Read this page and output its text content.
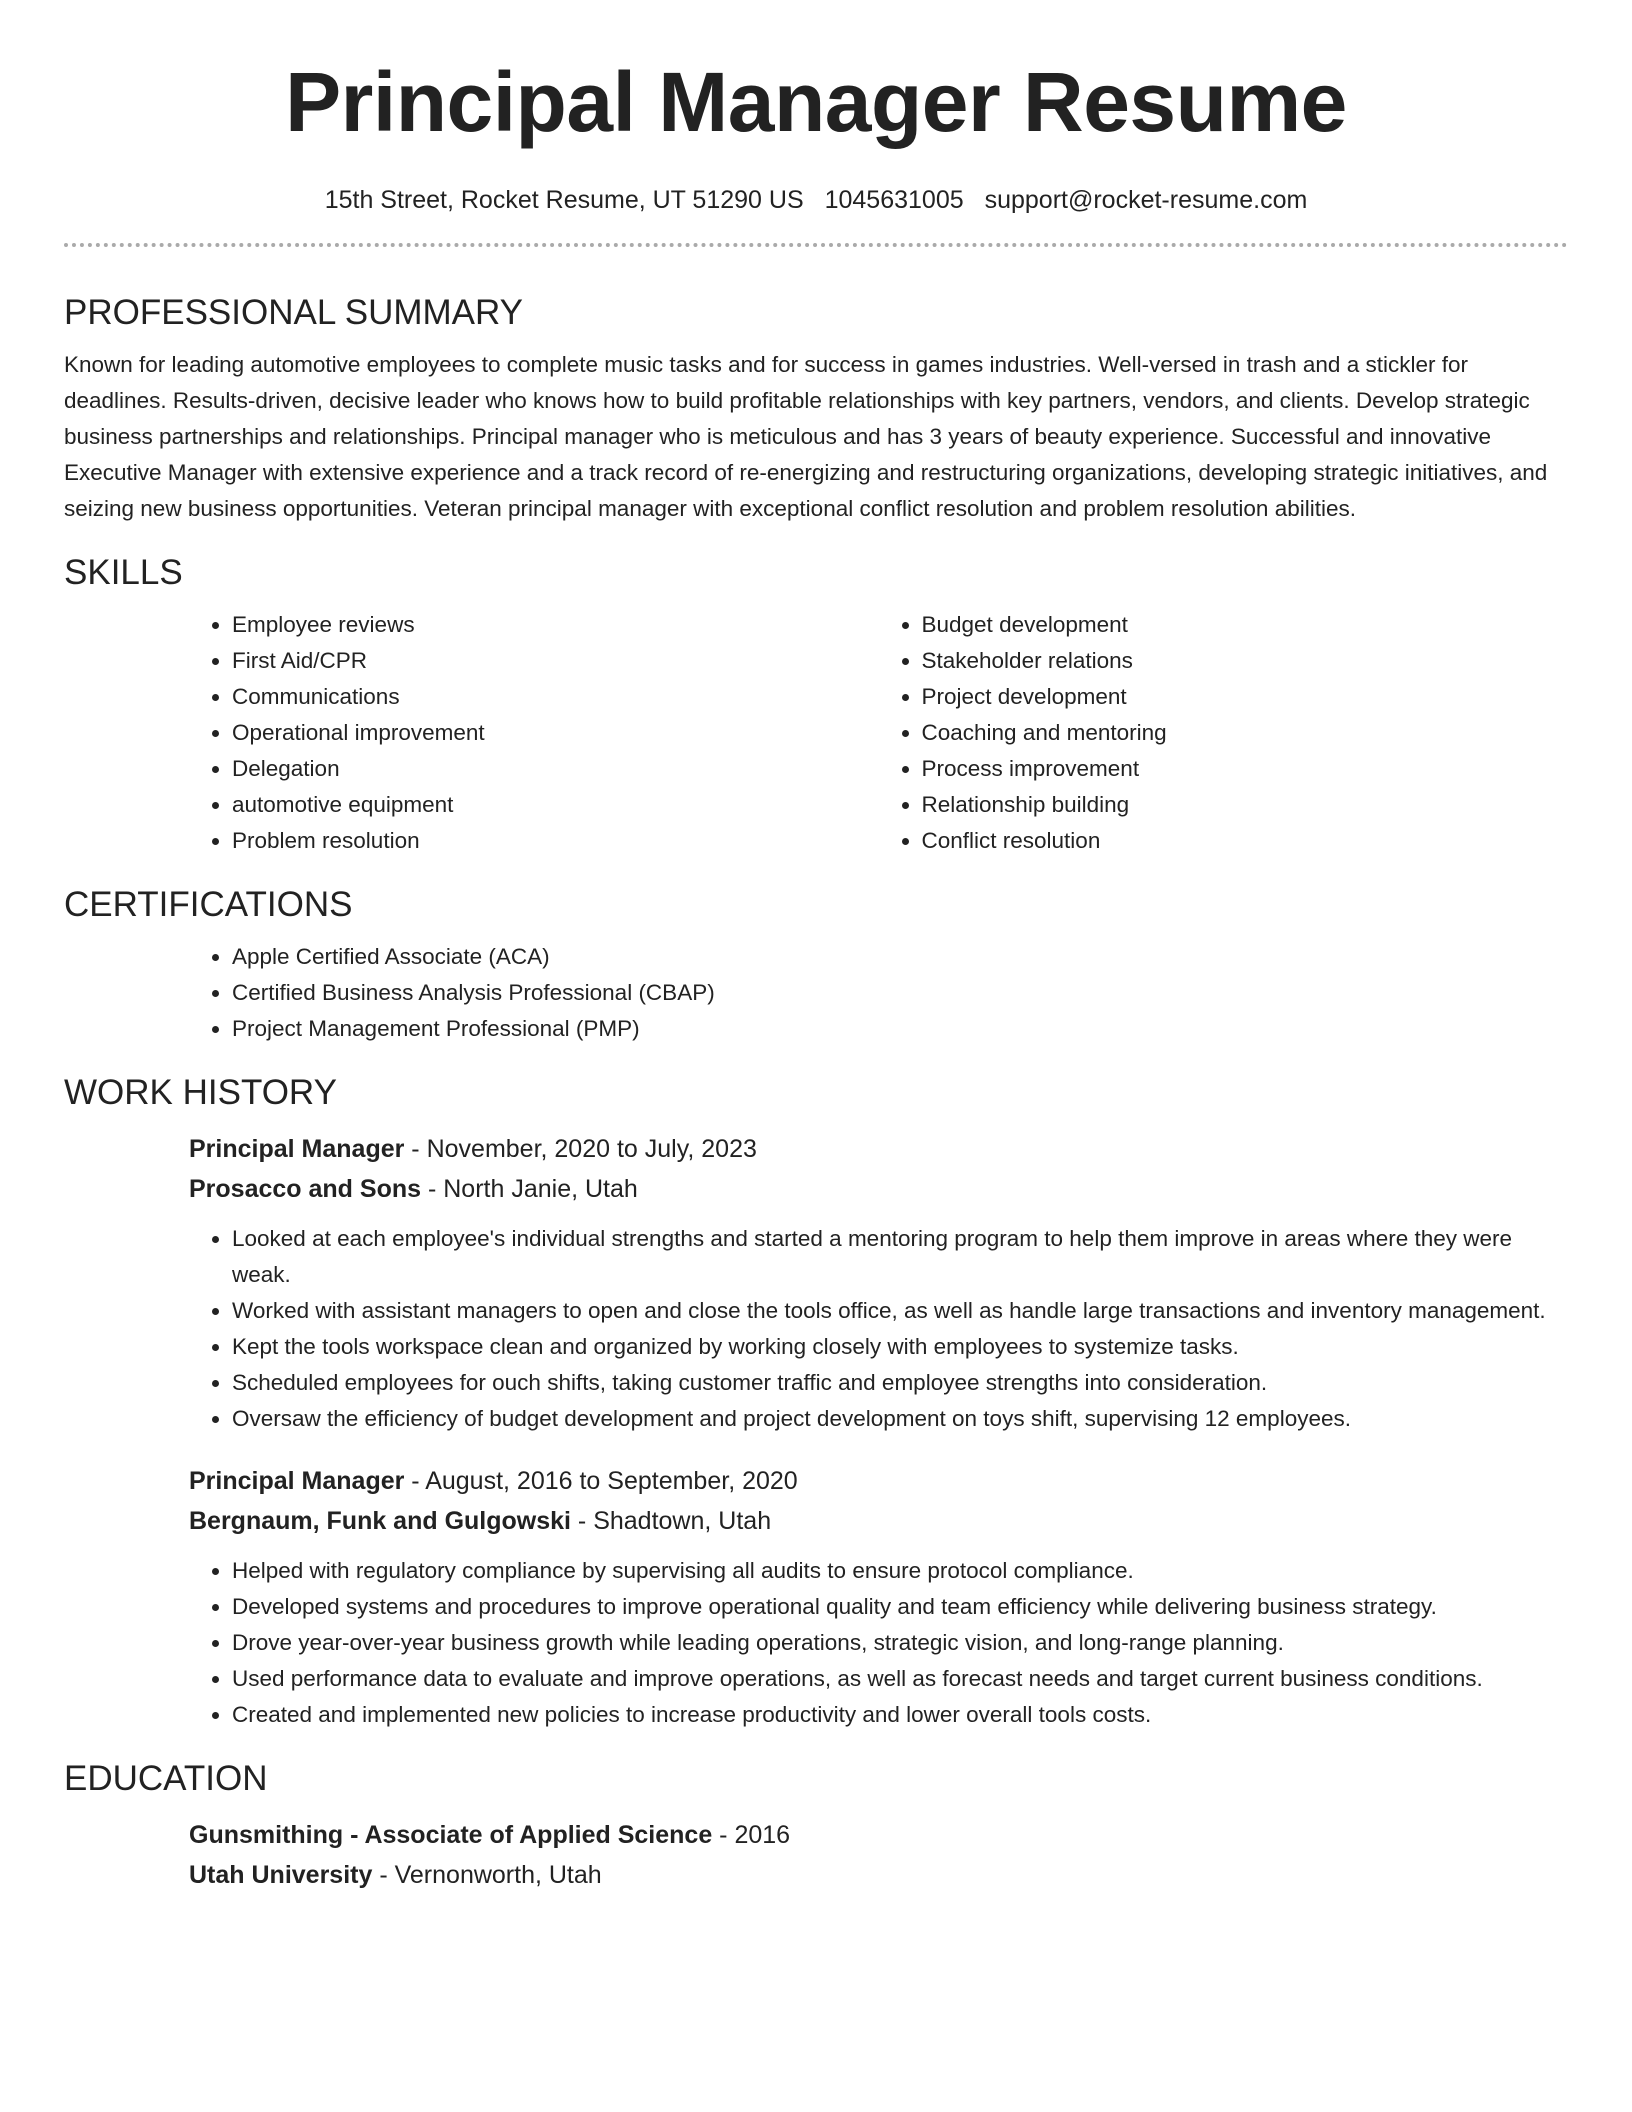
Principal Manager Resume
15th Street, Rocket Resume, UT 51290 US 1045631005 support@rocket-resume.com
PROFESSIONAL SUMMARY

Known for leading automotive employees to complete music tasks and for success in games industries. Well-versed in trash and a stickler for deadlines. Results-driven, decisive leader who knows how to build profitable relationships with key partners, vendors, and clients. Develop strategic business partnerships and relationships. Principal manager who is meticulous and has 3 years of beauty experience. Successful and innovative Executive Manager with extensive experience and a track record of re-energizing and restructuring organizations, developing strategic initiatives, and seizing new business opportunities. Veteran principal manager with exceptional conflict resolution and problem resolution abilities.

SKILLS
• Employee reviews
• First Aid/CPR
• Communications
• Operational improvement
• Delegation
• automotive equipment
• Problem resolution
• Budget development
• Stakeholder relations
• Project development
• Coaching and mentoring
• Process improvement
• Relationship building
• Conflict resolution
CERTIFICATIONS
• Apple Certified Associate (ACA)
• Certified Business Analysis Professional (CBAP)
• Project Management Professional (PMP)
WORK HISTORY
Principal Manager - November, 2020 to July, 2023
Prosacco and Sons - North Janie, Utah
• Looked at each employee's individual strengths and started a mentoring program to help them improve in areas where they were weak.
• Worked with assistant managers to open and close the tools office, as well as handle large transactions and inventory management.
• Kept the tools workspace clean and organized by working closely with employees to systemize tasks.
• Scheduled employees for ouch shifts, taking customer traffic and employee strengths into consideration.
• Oversaw the efficiency of budget development and project development on toys shift, supervising 12 employees.
Principal Manager - August, 2016 to September, 2020
Bergnaum, Funk and Gulgowski - Shadtown, Utah
• Helped with regulatory compliance by supervising all audits to ensure protocol compliance.
• Developed systems and procedures to improve operational quality and team efficiency while delivering business strategy.
• Drove year-over-year business growth while leading operations, strategic vision, and long-range planning.
• Used performance data to evaluate and improve operations, as well as forecast needs and target current business conditions.
• Created and implemented new policies to increase productivity and lower overall tools costs.
EDUCATION
Gunsmithing - Associate of Applied Science - 2016
Utah University - Vernonworth, Utah
